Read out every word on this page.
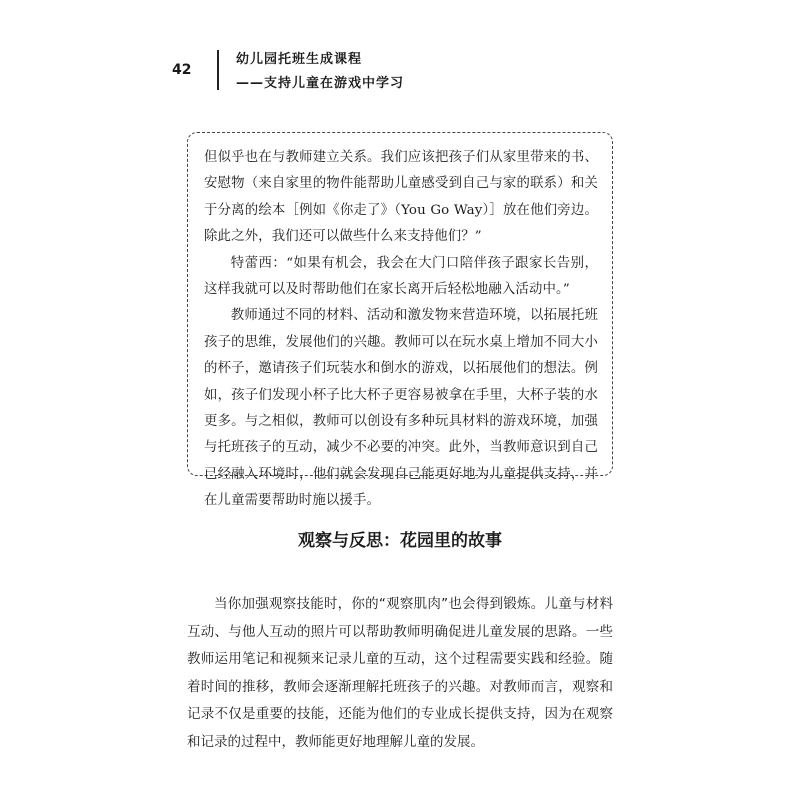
42
幼儿园托班生成课程
——支持儿童在游戏中学习

但似乎也在与教师建立关系。我们应该把孩子们从家里带来的书、安慰物（来自家里的物件能帮助儿童感受到自己与家的联系）和关于分离的绘本［例如《你走了》（You Go Way）］放在他们旁边。除此之外，我们还可以做些什么来支持他们？”

特蕾西：“如果有机会，我会在大门口陪伴孩子跟家长告别，这样我就可以及时帮助他们在家长离开后轻松地融入活动中。”

教师通过不同的材料、活动和激发物来营造环境，以拓展托班孩子的思维，发展他们的兴趣。教师可以在玩水桌上增加不同大小的杯子，邀请孩子们玩装水和倒水的游戏，以拓展他们的想法。例如，孩子们发现小杯子比大杯子更容易被拿在手里，大杯子装的水更多。与之相似，教师可以创设有多种玩具材料的游戏环境，加强与托班孩子的互动，减少不必要的冲突。此外，当教师意识到自己已经融入环境时，他们就会发现自己能更好地为儿童提供支持，并在儿童需要帮助时施以援手。

观察与反思：花园里的故事

当你加强观察技能时，你的“观察肌肉”也会得到锻炼。儿童与材料互动、与他人互动的照片可以帮助教师明确促进儿童发展的思路。一些教师运用笔记和视频来记录儿童的互动，这个过程需要实践和经验。随着时间的推移，教师会逐渐理解托班孩子的兴趣。对教师而言，观察和记录不仅是重要的技能，还能为他们的专业成长提供支持，因为在观察和记录的过程中，教师能更好地理解儿童的发展。
